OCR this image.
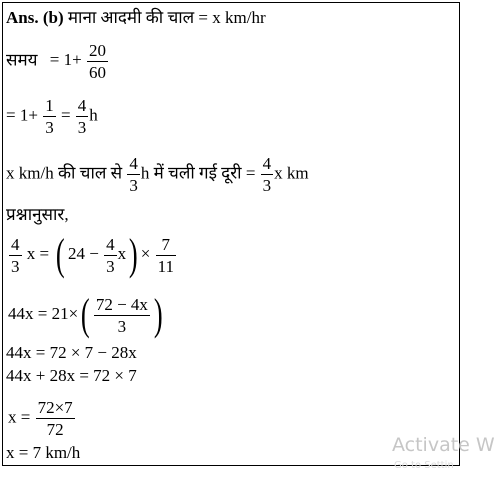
Ans. (b) माना आदमी की चाल = x km/hr
समय = $1+ \frac{20}{60}$
= $1+ \frac{1}{3} = \frac{4}{3}$ h
x km/h की चाल से $\frac{4}{3}$ h में चली गई दूरी = $\frac{4}{3}$ x km
प्रश्नानुसार,
$\frac{4}{3}$ x = ( $24 - \frac{4}{3} x) \times \frac{7}{11}$
$44x = 21\times( \frac{72 - 4x}{3}$ )
44x = 72 × 7 − 28x
44x + 28x = 72 × 7
$x = \frac{72\times 7}{72}$
x = 7 km/h	Activate W
Go to Settin
